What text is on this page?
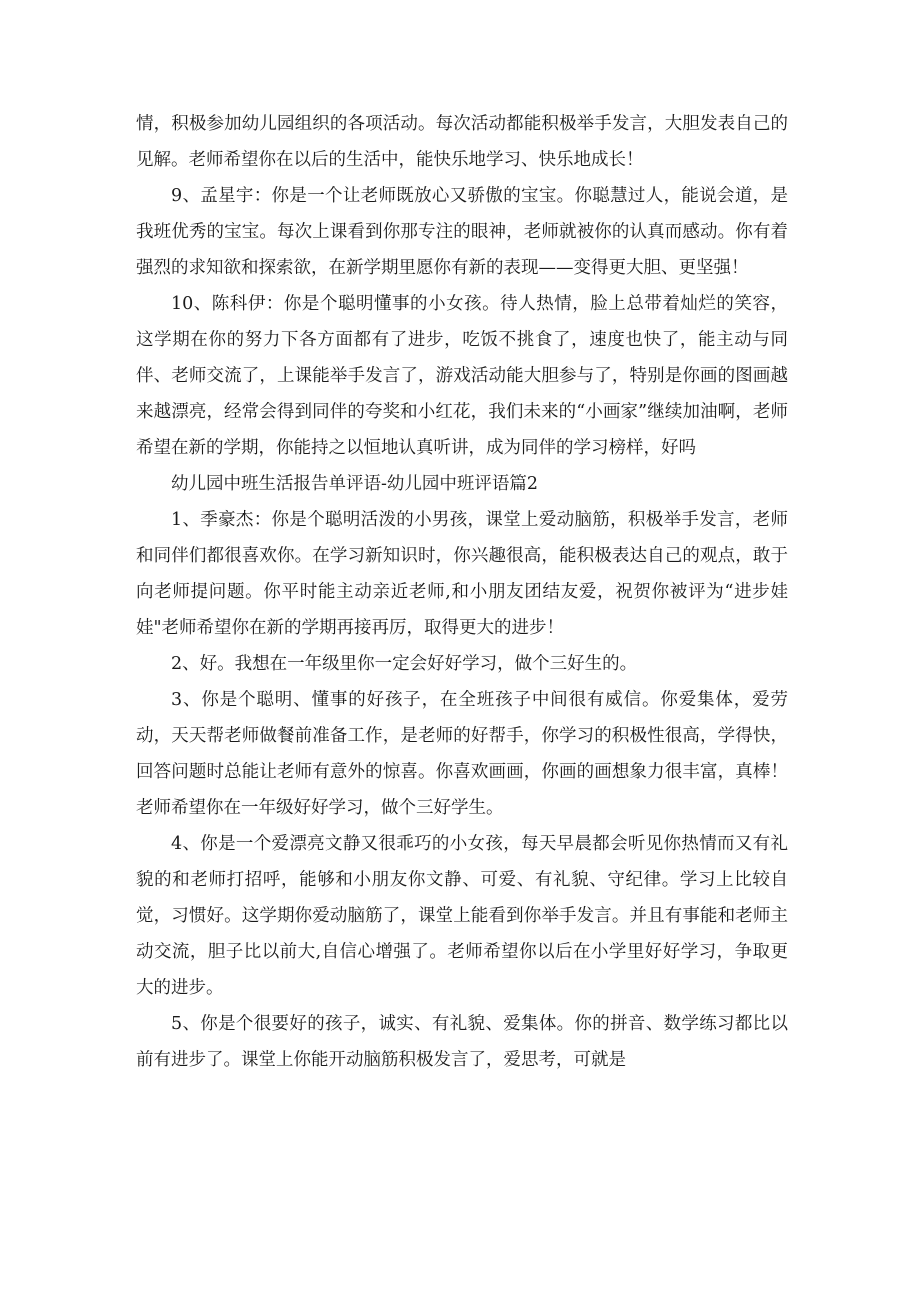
情，积极参加幼儿园组织的各项活动。每次活动都能积极举手发言，大胆发表自己的见解。老师希望你在以后的生活中，能快乐地学习、快乐地成长！

9、孟星宇：你是一个让老师既放心又骄傲的宝宝。你聪慧过人，能说会道，是我班优秀的宝宝。每次上课看到你那专注的眼神，老师就被你的认真而感动。你有着强烈的求知欲和探索欲，在新学期里愿你有新的表现——变得更大胆、更坚强！

10、陈科伊：你是个聪明懂事的小女孩。待人热情，脸上总带着灿烂的笑容，这学期在你的努力下各方面都有了进步，吃饭不挑食了，速度也快了，能主动与同伴、老师交流了，上课能举手发言了，游戏活动能大胆参与了，特别是你画的图画越来越漂亮，经常会得到同伴的夸奖和小红花，我们未来的“小画家”继续加油啊，老师希望在新的学期，你能持之以恒地认真听讲，成为同伴的学习榜样，好吗

幼儿园中班生活报告单评语-幼儿园中班评语篇2

1、季豪杰：你是个聪明活泼的小男孩，课堂上爱动脑筋，积极举手发言，老师和同伴们都很喜欢你。在学习新知识时，你兴趣很高，能积极表达自己的观点，敢于向老师提问题。你平时能主动亲近老师,和小朋友团结友爱，祝贺你被评为“进步娃娃"老师希望你在新的学期再接再厉，取得更大的进步！

2、好。我想在一年级里你一定会好好学习，做个三好生的。

3、你是个聪明、懂事的好孩子，在全班孩子中间很有威信。你爱集体，爱劳动，天天帮老师做餐前准备工作，是老师的好帮手，你学习的积极性很高，学得快，回答问题时总能让老师有意外的惊喜。你喜欢画画，你画的画想象力很丰富，真棒！老师希望你在一年级好好学习，做个三好学生。

4、你是一个爱漂亮文静又很乖巧的小女孩，每天早晨都会听见你热情而又有礼貌的和老师打招呼，能够和小朋友你文静、可爱、有礼貌、守纪律。学习上比较自觉，习惯好。这学期你爱动脑筋了，课堂上能看到你举手发言。并且有事能和老师主动交流，胆子比以前大,自信心增强了。老师希望你以后在小学里好好学习，争取更大的进步。

5、你是个很要好的孩子，诚实、有礼貌、爱集体。你的拼音、数学练习都比以前有进步了。课堂上你能开动脑筋积极发言了，爱思考，可就是
